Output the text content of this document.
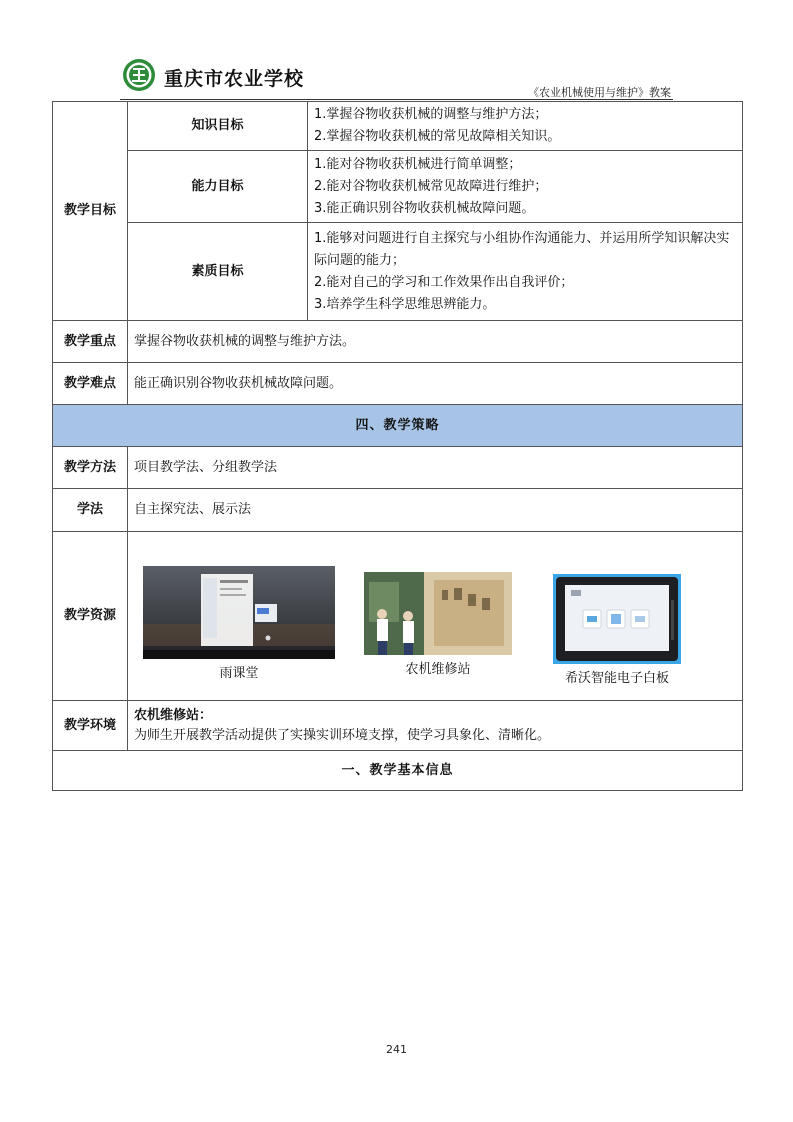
重庆市农业学校
《农业机械使用与维护》教案
教学目标	知识目标	1.掌握谷物收获机械的调整与维护方法；
2.掌握谷物收获机械的常见故障相关知识。

	能力目标	1.能对谷物收获机械进行简单调整；
2.能对谷物收获机械常见故障进行维护；
3.能正确识别谷物收获机械故障问题。

	素质目标	1.能够对问题进行自主探究与小组协作沟通能力、并运用所学知识解决实际问题的能力；
2.能对自己的学习和工作效果作出自我评价；
3.培养学生科学思维思辨能力。

教学重点	掌握谷物收获机械的调整与维护方法。	
教学难点	能正确识别谷物收获机械故障问题。	
四、教学策略		
教学方法	项目教学法、分组教学法	
学法	自主探究法、展示法	
教学资源	雨课堂 农机维修站
希沃智能电子白板	

教学环境	农机维修站：
为师生开展教学活动提供了实操实训环境支撑，使学习具象化、清晰化。	

一、教学基本信息		
241
